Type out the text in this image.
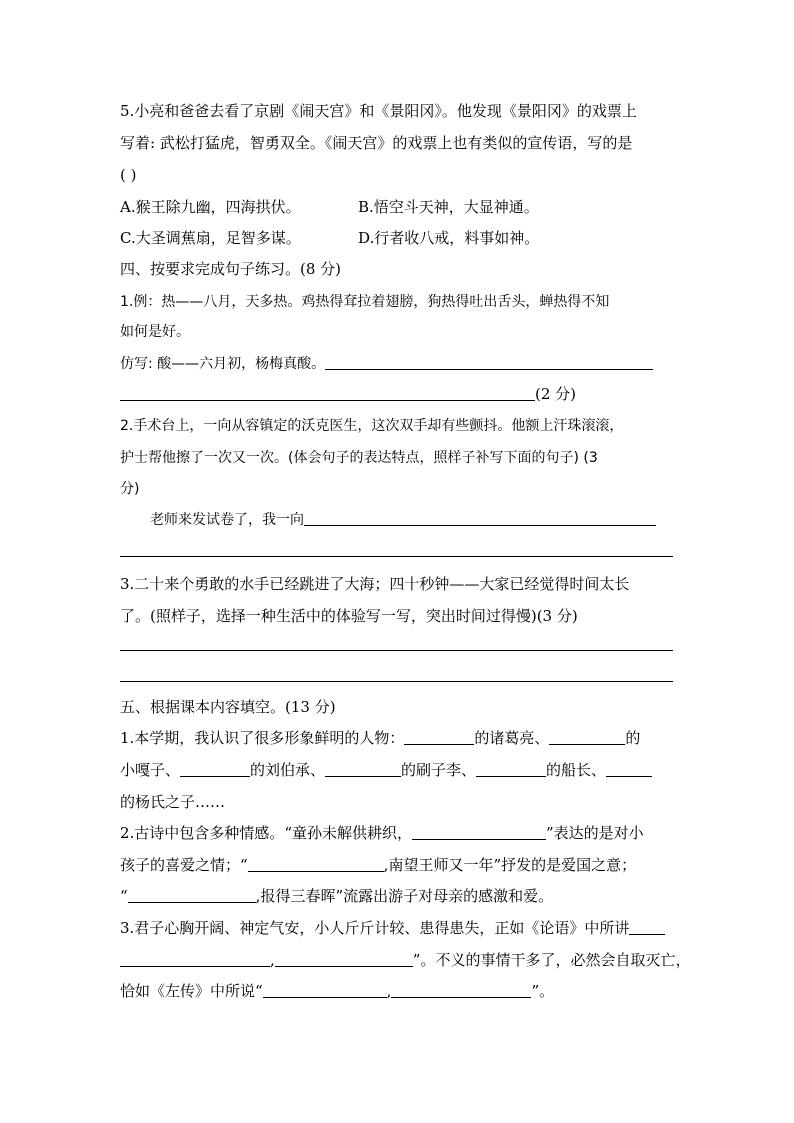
5.小亮和爸爸去看了京剧《闹天宫》和《景阳冈》。他发现《景阳冈》的戏票上
写着: 武松打猛虎，智勇双全。《闹天宫》的戏票上也有类似的宣传语，写的是
( )
A.猴王除九幽，四海拱伏。	B.悟空斗天神，大显神通。
C.大圣调蕉扇，足智多谋。	D.行者收八戒，料事如神。
四、按要求完成句子练习。(8 分)
1.例：热——八月，天多热。鸡热得耷拉着翅膀，狗热得吐出舌头，蝉热得不知
如何是好。
仿写: 酸——六月初，杨梅真酸。
(2 分)
2.手术台上，一向从容镇定的沃克医生，这次双手却有些颤抖。他额上汗珠滚滚，
护士帮他擦了一次又一次。(体会句子的表达特点，照样子补写下面的句子) (3
分)
老师来发试卷了，我一向
3.二十来个勇敢的水手已经跳进了大海；四十秒钟——大家已经觉得时间太长
了。(照样子，选择一种生活中的体验写一写，突出时间过得慢)(3 分)
五、根据课本内容填空。(13 分)
1.本学期，我认识了很多形象鲜明的人物：	的诸葛亮、	的
小嘎子、	的刘伯承、	的刷子李、	的船长、
的杨氏之子……
2.古诗中包含多种情感。“童孙未解供耕织，	”表达的是对小
孩子的喜爱之情；“	,南望王师又一年”抒发的是爱国之意；
“	,报得三春晖”流露出游子对母亲的感激和爱。
3.君子心胸开阔、神定气安，小人斤斤计较、患得患失，正如《论语》中所讲
,	”。不义的事情干多了，必然会自取灭亡，
恰如《左传》中所说“	,	”。
